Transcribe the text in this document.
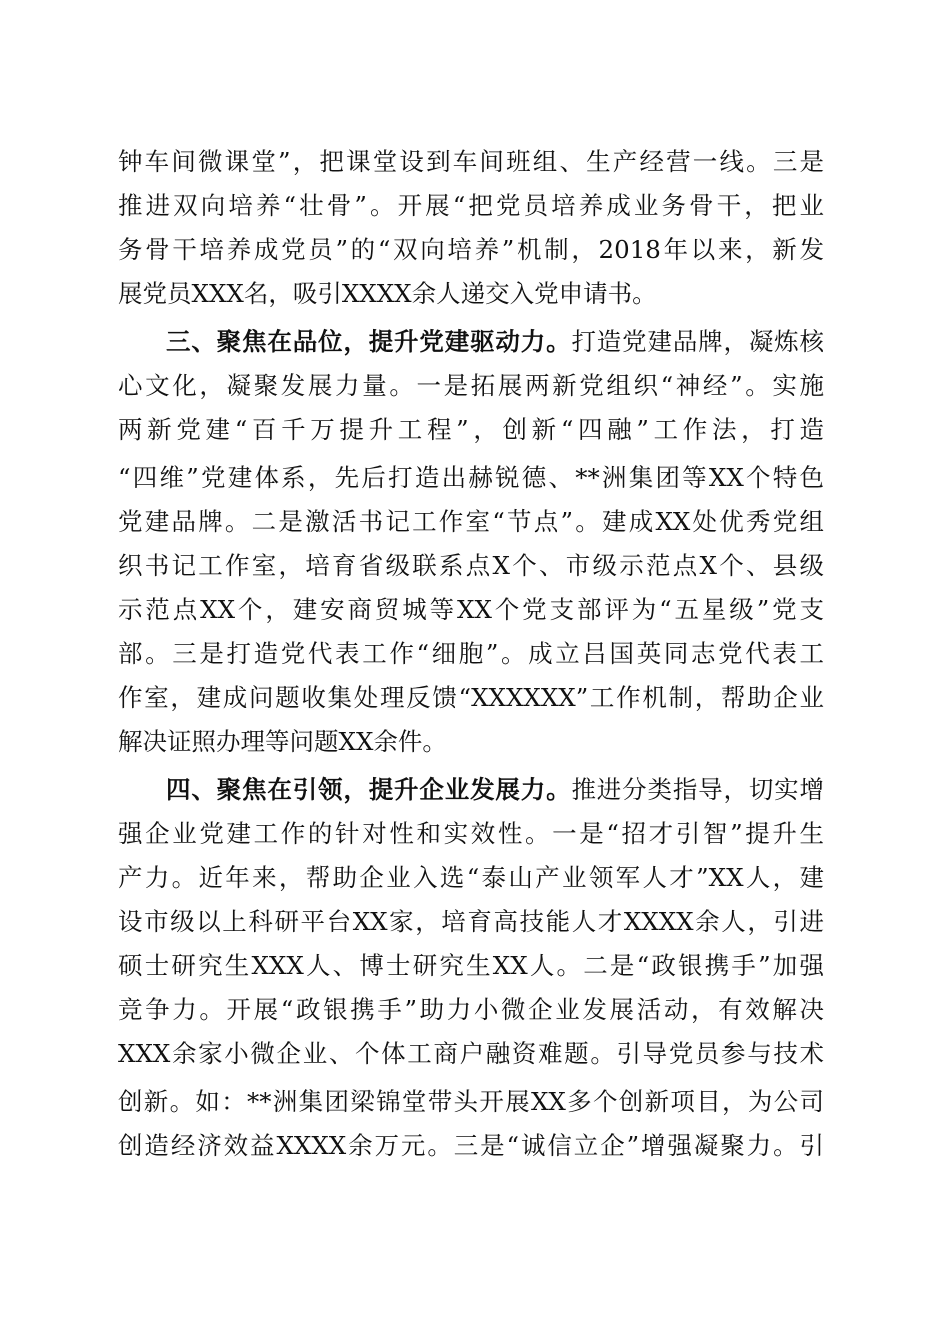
钟车间微课堂”，把课堂设到车间班组、生产经营一线。三是
推进双向培养“壮骨”。开展“把党员培养成业务骨干，把业
务骨干培养成党员”的“双向培养”机制，2018年以来，新发
展党员XXX名，吸引XXXX余人递交入党申请书。
三、聚焦在品位，提升党建驱动力。打造党建品牌，凝炼核
心文化，凝聚发展力量。一是拓展两新党组织“神经”。实施
两新党建“百千万提升工程”，创新“四融”工作法，打造
“四维”党建体系，先后打造出赫锐德、**洲集团等XX个特色
党建品牌。二是激活书记工作室“节点”。建成XX处优秀党组
织书记工作室，培育省级联系点X个、市级示范点X个、县级
示范点XX个，建安商贸城等XX个党支部评为“五星级”党支
部。三是打造党代表工作“细胞”。成立吕国英同志党代表工
作室，建成问题收集处理反馈“XXXXXX”工作机制，帮助企业
解决证照办理等问题XX余件。
四、聚焦在引领，提升企业发展力。推进分类指导，切实增
强企业党建工作的针对性和实效性。一是“招才引智”提升生
产力。近年来，帮助企业入选“泰山产业领军人才”XX人，建
设市级以上科研平台XX家，培育高技能人才XXXX余人，引进
硕士研究生XXX人、博士研究生XX人。二是“政银携手”加强
竞争力。开展“政银携手”助力小微企业发展活动，有效解决
XXX余家小微企业、个体工商户融资难题。引导党员参与技术
创新。如：**洲集团梁锦堂带头开展XX多个创新项目，为公司
创造经济效益XXXX余万元。三是“诚信立企”增强凝聚力。引
